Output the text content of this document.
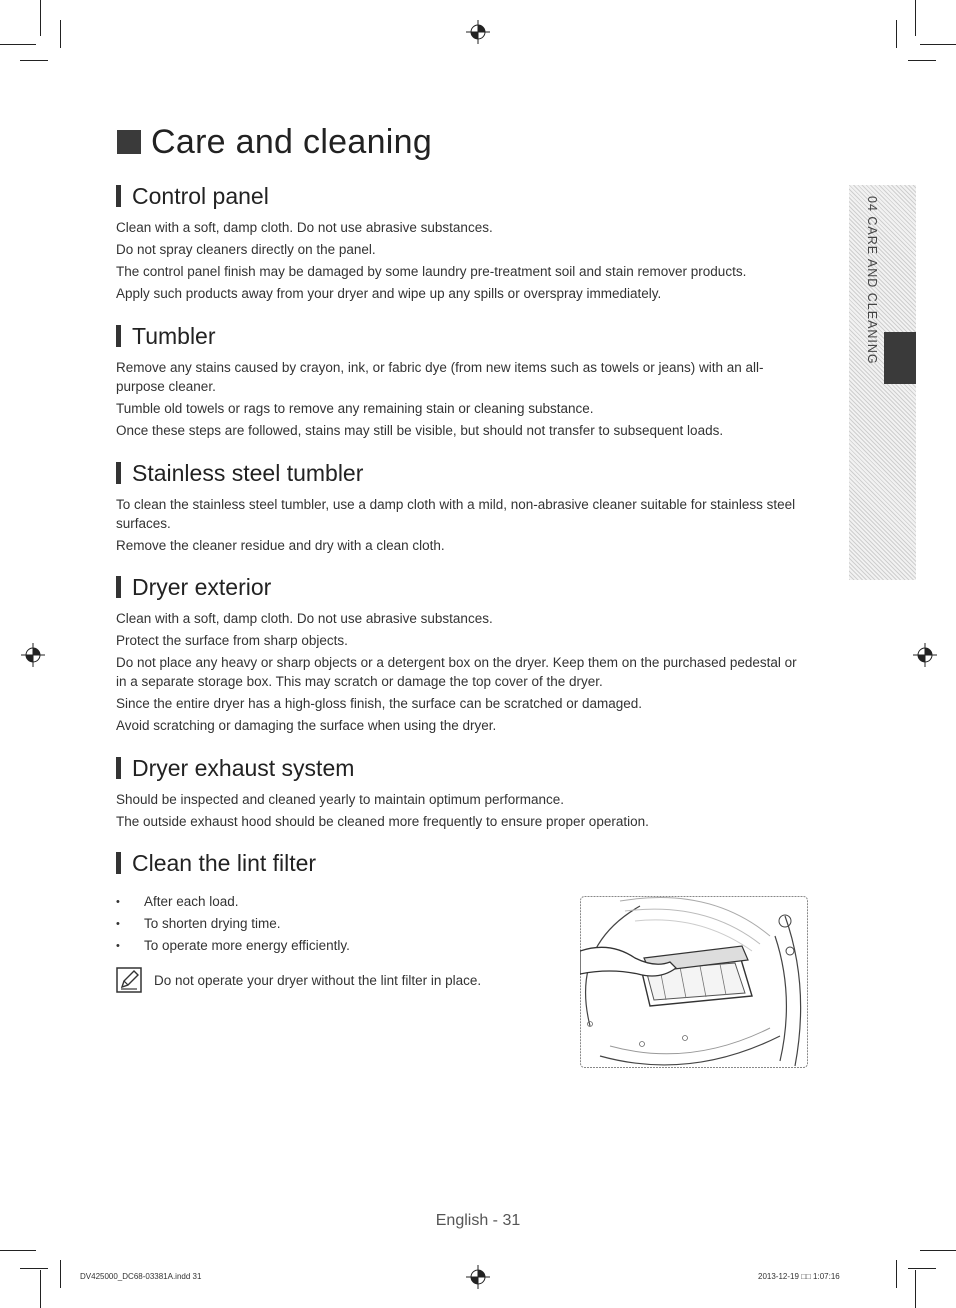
04 CARE AND CLEANING
Care and cleaning
Control panel

Clean with a soft, damp cloth. Do not use abrasive substances.

Do not spray cleaners directly on the panel.

The control panel finish may be damaged by some laundry pre-treatment soil and stain remover products.

Apply such products away from your dryer and wipe up any spills or overspray immediately.

Tumbler

Remove any stains caused by crayon, ink, or fabric dye (from new items such as towels or jeans) with an all-purpose cleaner.

Tumble old towels or rags to remove any remaining stain or cleaning substance.

Once these steps are followed, stains may still be visible, but should not transfer to subsequent loads.

Stainless steel tumbler

To clean the stainless steel tumbler, use a damp cloth with a mild, non-abrasive cleaner suitable for stainless steel surfaces.

Remove the cleaner residue and dry with a clean cloth.

Dryer exterior

Clean with a soft, damp cloth. Do not use abrasive substances.

Protect the surface from sharp objects.

Do not place any heavy or sharp objects or a detergent box on the dryer. Keep them on the purchased pedestal or in a separate storage box. This may scratch or damage the top cover of the dryer.

Since the entire dryer has a high-gloss finish, the surface can be scratched or damaged.

Avoid scratching or damaging the surface when using the dryer.

Dryer exhaust system

Should be inspected and cleaned yearly to maintain optimum performance.

The outside exhaust hood should be cleaned more frequently to ensure proper operation.

Clean the lint filter
• After each load.
• To shorten drying time.
• To operate more energy efficiently.
Do not operate your dryer without the lint filter in place.
English - 31
DV425000_DC68-03381A.indd 31	2013-12-19 □□ 1:07:16
